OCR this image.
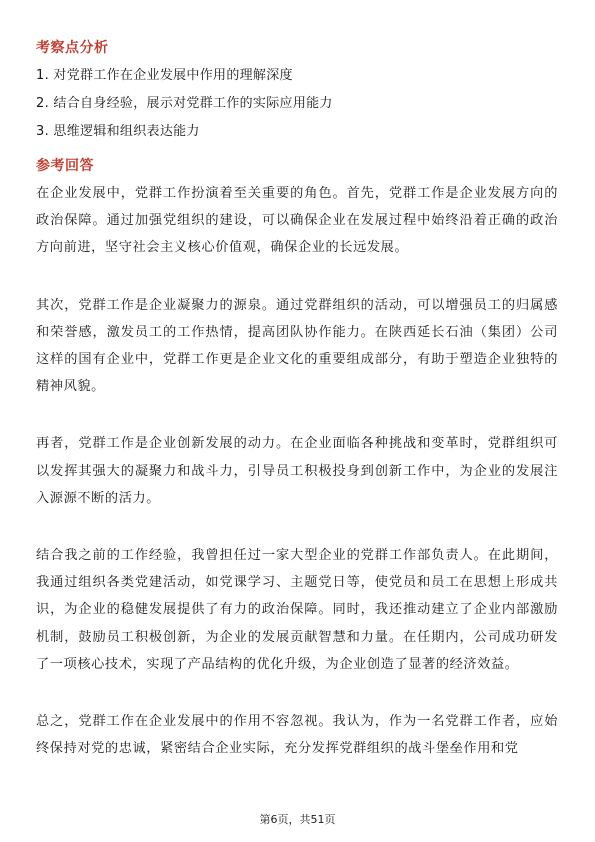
考察点分析
1. 对党群工作在企业发展中作用的理解深度
2. 结合自身经验，展示对党群工作的实际应用能力
3. 思维逻辑和组织表达能力
参考回答

在企业发展中，党群工作扮演着至关重要的角色。首先，党群工作是企业发展方向的政治保障。通过加强党组织的建设，可以确保企业在发展过程中始终沿着正确的政治方向前进，坚守社会主义核心价值观，确保企业的长远发展。

其次，党群工作是企业凝聚力的源泉。通过党群组织的活动，可以增强员工的归属感和荣誉感，激发员工的工作热情，提高团队协作能力。在陕西延长石油（集团）公司这样的国有企业中，党群工作更是企业文化的重要组成部分，有助于塑造企业独特的精神风貌。

再者，党群工作是企业创新发展的动力。在企业面临各种挑战和变革时，党群组织可以发挥其强大的凝聚力和战斗力，引导员工积极投身到创新工作中，为企业的发展注入源源不断的活力。

结合我之前的工作经验，我曾担任过一家大型企业的党群工作部负责人。在此期间，我通过组织各类党建活动，如党课学习、主题党日等，使党员和员工在思想上形成共识，为企业的稳健发展提供了有力的政治保障。同时，我还推动建立了企业内部激励机制，鼓励员工积极创新，为企业的发展贡献智慧和力量。在任期内，公司成功研发了一项核心技术，实现了产品结构的优化升级，为企业创造了显著的经济效益。

总之，党群工作在企业发展中的作用不容忽视。我认为，作为一名党群工作者，应始终保持对党的忠诚，紧密结合企业实际，充分发挥党群组织的战斗堡垒作用和党

第6页，共51页
